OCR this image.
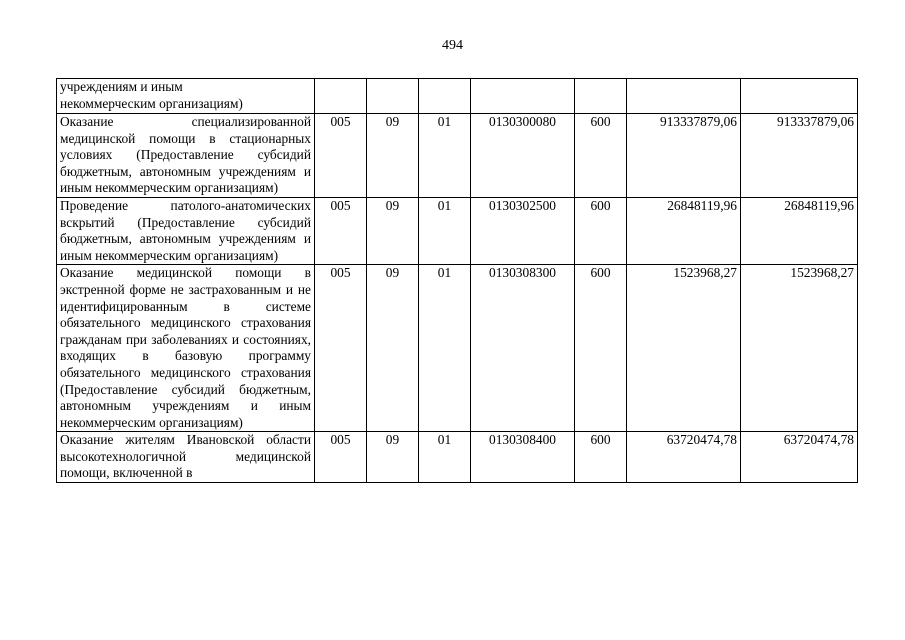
494
учреждениям и иным
некоммерческим организациям)							
Оказание специализированной медицинской помощи в стационарных условиях (Предоставление субсидий бюджетным, автономным учреждениям и иным некоммерческим организациям)	005	09	01	0130300080	600	913337879,06	913337879,06
Проведение патолого-анатомических вскрытий (Предоставление субсидий бюджетным, автономным учреждениям и иным некоммерческим организациям)	005	09	01	0130302500	600	26848119,96	26848119,96
Оказание медицинской помощи в экстренной форме не застрахованным и не идентифицированным в системе обязательного медицинского страхования гражданам при заболеваниях и состояниях, входящих в базовую программу обязательного медицинского страхования (Предоставление субсидий бюджетным, автономным учреждениям и иным некоммерческим организациям)	005	09	01	0130308300	600	1523968,27	1523968,27
Оказание жителям Ивановской области высокотехнологичной медицинской помощи, включенной в	005	09	01	0130308400	600	63720474,78	63720474,78
